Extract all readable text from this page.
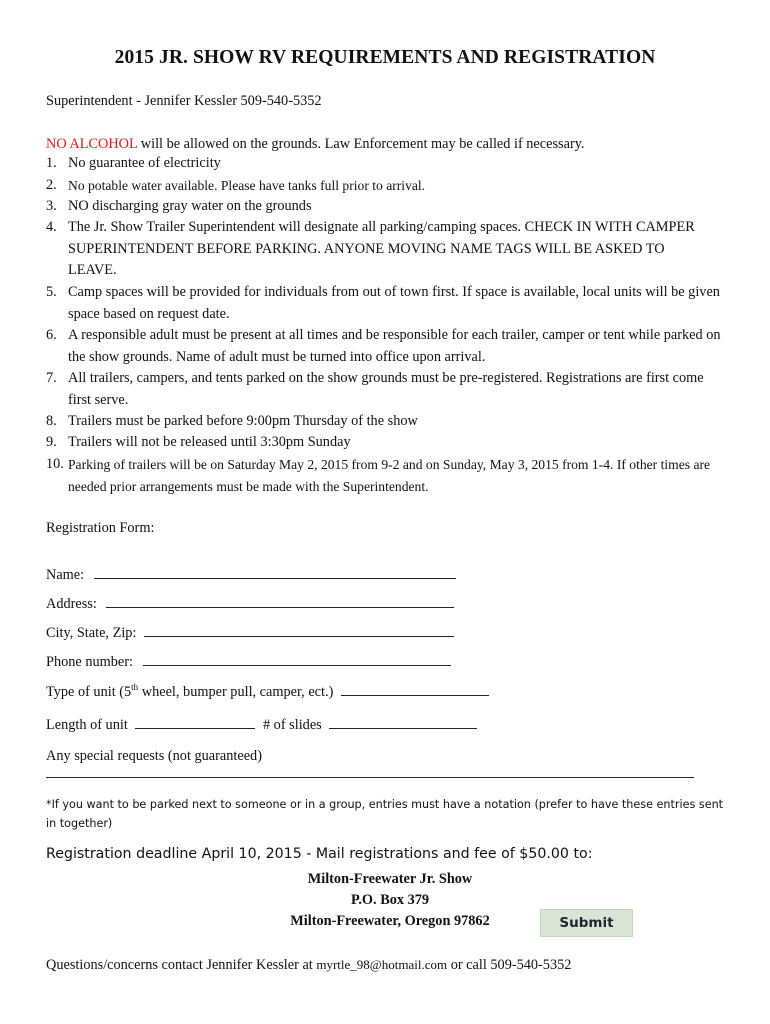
2015 JR. SHOW RV REQUIREMENTS AND REGISTRATION
Superintendent - Jennifer Kessler 509-540-5352
NO ALCOHOL will be allowed on the grounds. Law Enforcement may be called if necessary.
1. No guarantee of electricity
2. No potable water available. Please have tanks full prior to arrival.
3. NO discharging gray water on the grounds
4. The Jr. Show Trailer Superintendent will designate all parking/camping spaces. CHECK IN WITH CAMPER SUPERINTENDENT BEFORE PARKING. ANYONE MOVING NAME TAGS WILL BE ASKED TO LEAVE.
5. Camp spaces will be provided for individuals from out of town first. If space is available, local units will be given space based on request date.
6. A responsible adult must be present at all times and be responsible for each trailer, camper or tent while parked on the show grounds. Name of adult must be turned into office upon arrival.
7. All trailers, campers, and tents parked on the show grounds must be pre-registered. Registrations are first come first serve.
8. Trailers must be parked before 9:00pm Thursday of the show
9. Trailers will not be released until 3:30pm Sunday
10. Parking of trailers will be on Saturday May 2, 2015 from 9-2 and on Sunday, May 3, 2015 from 1-4. If other times are needed prior arrangements must be made with the Superintendent.
Registration Form:
Name:
Address:
City, State, Zip:
Phone number:
Type of unit (5th wheel, bumper pull, camper, ect.)
Length of unit	# of slides
Any special requests (not guaranteed)
*If you want to be parked next to someone or in a group, entries must have a notation (prefer to have these entries sent in together)
Registration deadline April 10, 2015 - Mail registrations and fee of $50.00 to:
Milton-Freewater Jr. Show
P.O. Box 379
Milton-Freewater, Oregon 97862	Submit
Questions/concerns contact Jennifer Kessler at myrtle_98@hotmail.com or call 509-540-5352
